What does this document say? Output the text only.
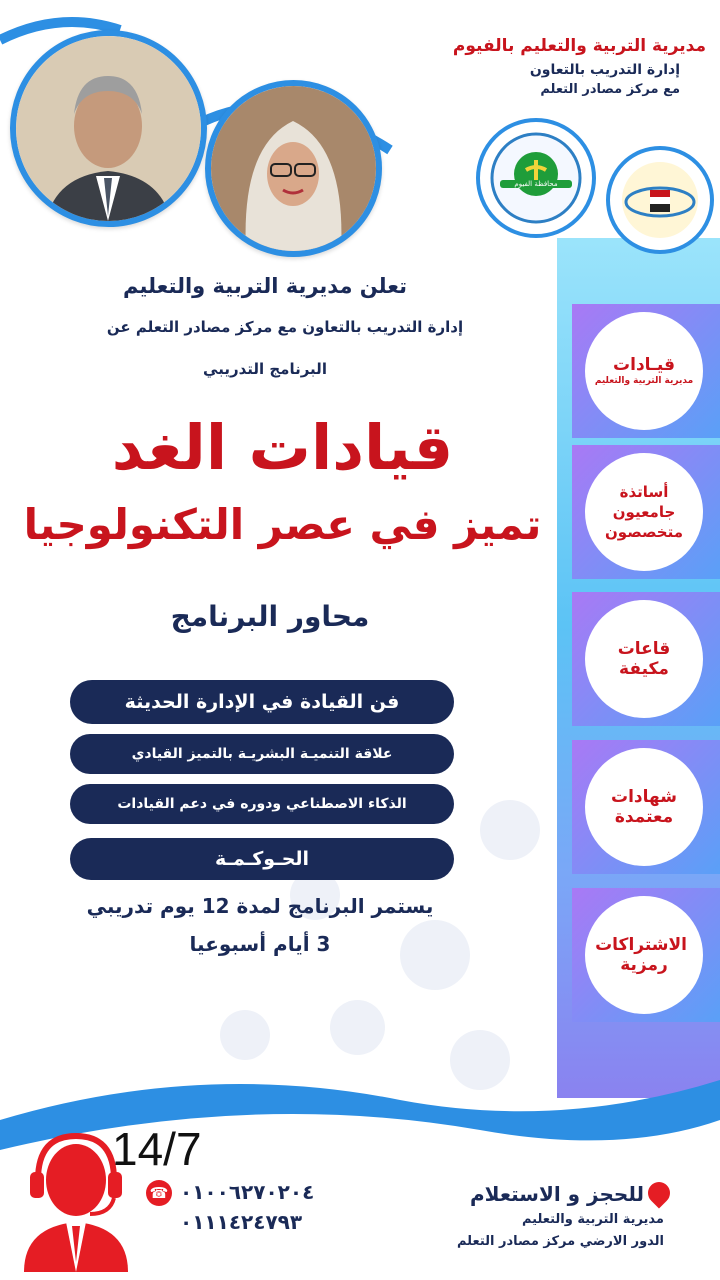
مديرية التربية والتعليم بالفيوم
إدارة التدريب بالتعاون
مع مركز مصادر التعلم
محافظة الفيوم
تعلن مديرية التربية والتعليم
إدارة التدريب بالتعاون مع مركز مصادر التعلم عن
البرنامج التدريبي
قيادات الغد
تميز في عصر التكنولوجيا
محاور البرنامج
فن القيادة في الإدارة الحديثة
علاقة التنميـة البشريـة بالتميز القيادي
الذكاء الاصطناعي ودوره في دعم القيادات
الحـوكـمـة
يستمر البرنامج لمدة 12 يوم تدريبي
3 أيام أسبوعيا
قيـادات
مديرية التربية والتعليم
أساتذة جامعيون متخصصون
قاعات مكيفة
شهادات معتمدة
الاشتراكات رمزية
14/7
☎ ٠١٠٠٦٢٧٠٢٠٤
٠١١١٤٢٤٧٩٣
للحجز و الاستعلام
مديرية التربية والتعليم
الدور الارضي مركز مصادر التعلم
